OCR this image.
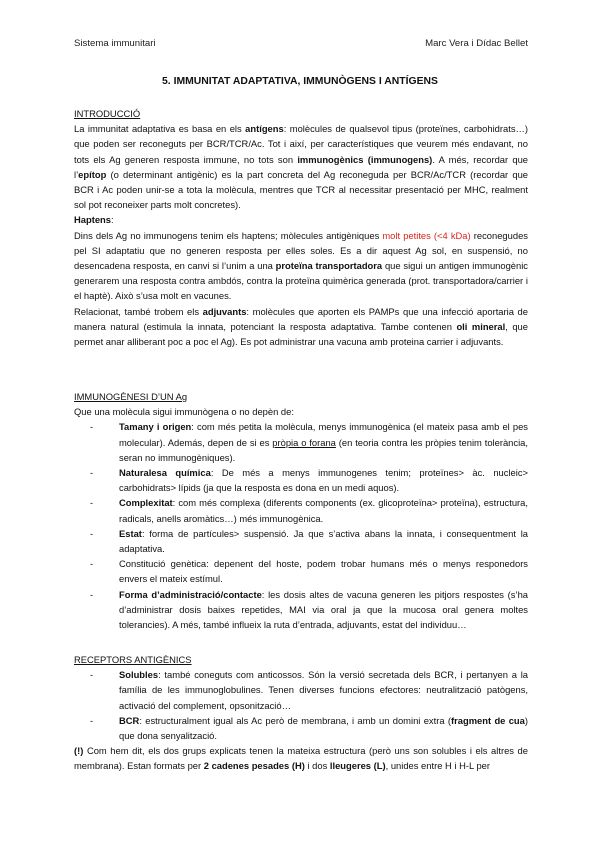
Sistema immunitari	Marc Vera i Dídac Bellet
5. IMMUNITAT ADAPTATIVA, IMMUNÒGENS I ANTÍGENS
INTRODUCCIÓ

La immunitat adaptativa es basa en els antígens: molècules de qualsevol tipus (proteïnes, carbohidrats…) que poden ser reconeguts per BCR/TCR/Ac. Tot i així, per característiques que veurem més endavant, no tots els Ag generen resposta immune, no tots son immunogènics (immunogens). A més, recordar que l’epítop (o determinant antigènic) es la part concreta del Ag reconeguda per BCR/Ac/TCR (recordar que BCR i Ac poden unir-se a tota la molècula, mentres que TCR al necessitar presentació per MHC, realment sol pot reconeixer parts molt concretes).

Haptens:

Dins dels Ag no immunogens tenim els haptens; mòlecules antigèniques molt petites (<4 kDa) reconegudes pel SI adaptatiu que no generen resposta per elles soles. Es a dir aquest Ag sol, en suspensió, no desencadena resposta, en canvi si l’unim a una proteïna transportadora que sigui un antigen immunogènic generarem una resposta contra ambdós, contra la proteïna quimèrica generada (prot. transportadora/carrier i el haptè). Això s’usa molt en vacunes.

Relacionat, també trobem els adjuvants: molècules que aporten els PAMPs que una infecció aportaria de manera natural (estimula la innata, potenciant la resposta adaptativa. Tambe contenen oli mineral, que permet anar alliberant poc a poc el Ag). Es pot administrar una vacuna amb proteina carrier i adjuvants.

IMMUNOGÈNESI D’UN Ag

Que una molècula sigui immunògena o no depèn de:

-	Tamany i origen: com més petita la molècula, menys immunogènica (el mateix pasa amb el pes molecular). Además, depen de si es pròpia o forana (en teoria contra les pròpies tenim tolerància, seran no immunogèniques).
-	Naturalesa química: De més a menys immunogenes tenim; proteïnes> àc. nucleic> carbohidrats> lípids (ja que la resposta es dona en un medi aquos).
-	Complexitat: com més complexa (diferents components (ex. glicoproteïna> proteïna), estructura, radicals, anells aromàtics…) més immunogènica.
-	Estat: forma de partícules> suspensió. Ja que s’activa abans la innata, i consequentment la adaptativa.
-	Constitució genètica: depenent del hoste, podem trobar humans més o menys responedors envers el mateix estímul.
-	Forma d’administració/contacte: les dosis altes de vacuna generen les pitjors respostes (s’ha d’administrar dosis baixes repetides, MAI via oral ja que la mucosa oral genera moltes tolerancies). A més, també influeix la ruta d’entrada, adjuvants, estat del individuu…
RECEPTORS ANTIGÈNICS
-	Solubles: també coneguts com anticossos. Són la versió secretada dels BCR, i pertanyen a la família de les immunoglobulines. Tenen diverses funcions efectores: neutralització patògens, activació del complement, opsonització…
-	BCR: estructuralment igual als Ac però de membrana, i amb un domini extra (fragment de cua) que dona senyalització.

(!) Com hem dit, els dos grups explicats tenen la mateixa estructura (però uns son solubles i els altres de membrana). Estan formats per 2 cadenes pesades (H) i dos lleugeres (L), unides entre H i H-L per
